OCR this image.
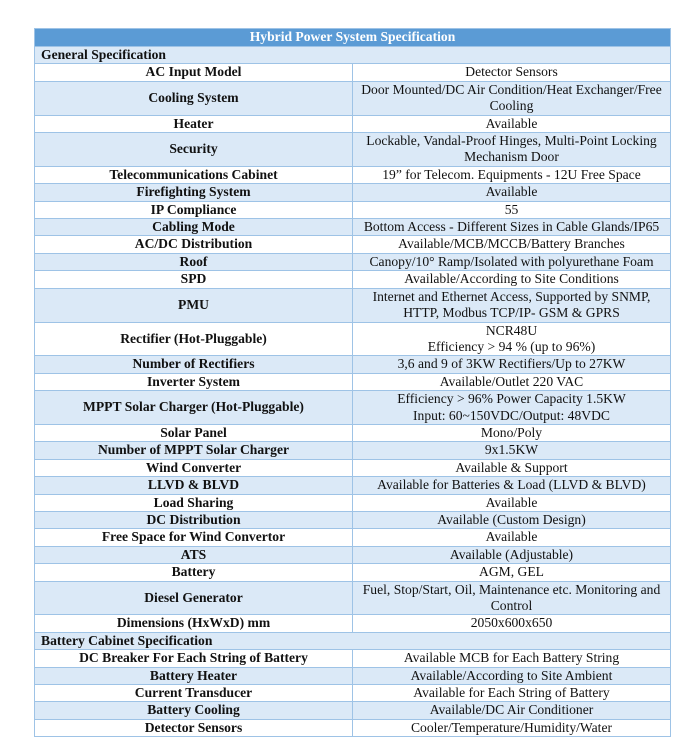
Hybrid Power System Specification	
General Specification	
AC Input Model	Detector Sensors
Cooling System	Door Mounted/DC Air Condition/Heat Exchanger/Free Cooling
Heater	Available
Security	Lockable, Vandal-Proof Hinges, Multi-Point Locking Mechanism Door
Telecommunications Cabinet	19” for Telecom. Equipments - 12U Free Space
Firefighting System	Available
IP Compliance	55
Cabling Mode	Bottom Access - Different Sizes in Cable Glands/IP65
AC/DC Distribution	Available/MCB/MCCB/Battery Branches
Roof	Canopy/10° Ramp/Isolated with polyurethane Foam
SPD	Available/According to Site Conditions
PMU	Internet and Ethernet Access, Supported by SNMP, HTTP, Modbus TCP/IP- GSM & GPRS
Rectifier (Hot-Pluggable)	NCR48U
Efficiency > 94 % (up to 96%)
Number of Rectifiers	3,6 and 9 of 3KW Rectifiers/Up to 27KW
Inverter System	Available/Outlet 220 VAC
MPPT Solar Charger (Hot-Pluggable)	Efficiency > 96% Power Capacity 1.5KW
Input: 60~150VDC/Output: 48VDC
Solar Panel	Mono/Poly
Number of MPPT Solar Charger	9x1.5KW
Wind Converter	Available & Support
LLVD & BLVD	Available for Batteries & Load (LLVD & BLVD)
Load Sharing	Available
DC Distribution	Available (Custom Design)
Free Space for Wind Convertor	Available
ATS	Available (Adjustable)
Battery	AGM, GEL
Diesel Generator	Fuel, Stop/Start, Oil, Maintenance etc. Monitoring and Control
Dimensions (HxWxD) mm	2050x600x650
Battery Cabinet Specification	
DC Breaker For Each String of Battery	Available MCB for Each Battery String
Battery Heater	Available/According to Site Ambient
Current Transducer	Available for Each String of Battery
Battery Cooling	Available/DC Air Conditioner
Detector Sensors	Cooler/Temperature/Humidity/Water
